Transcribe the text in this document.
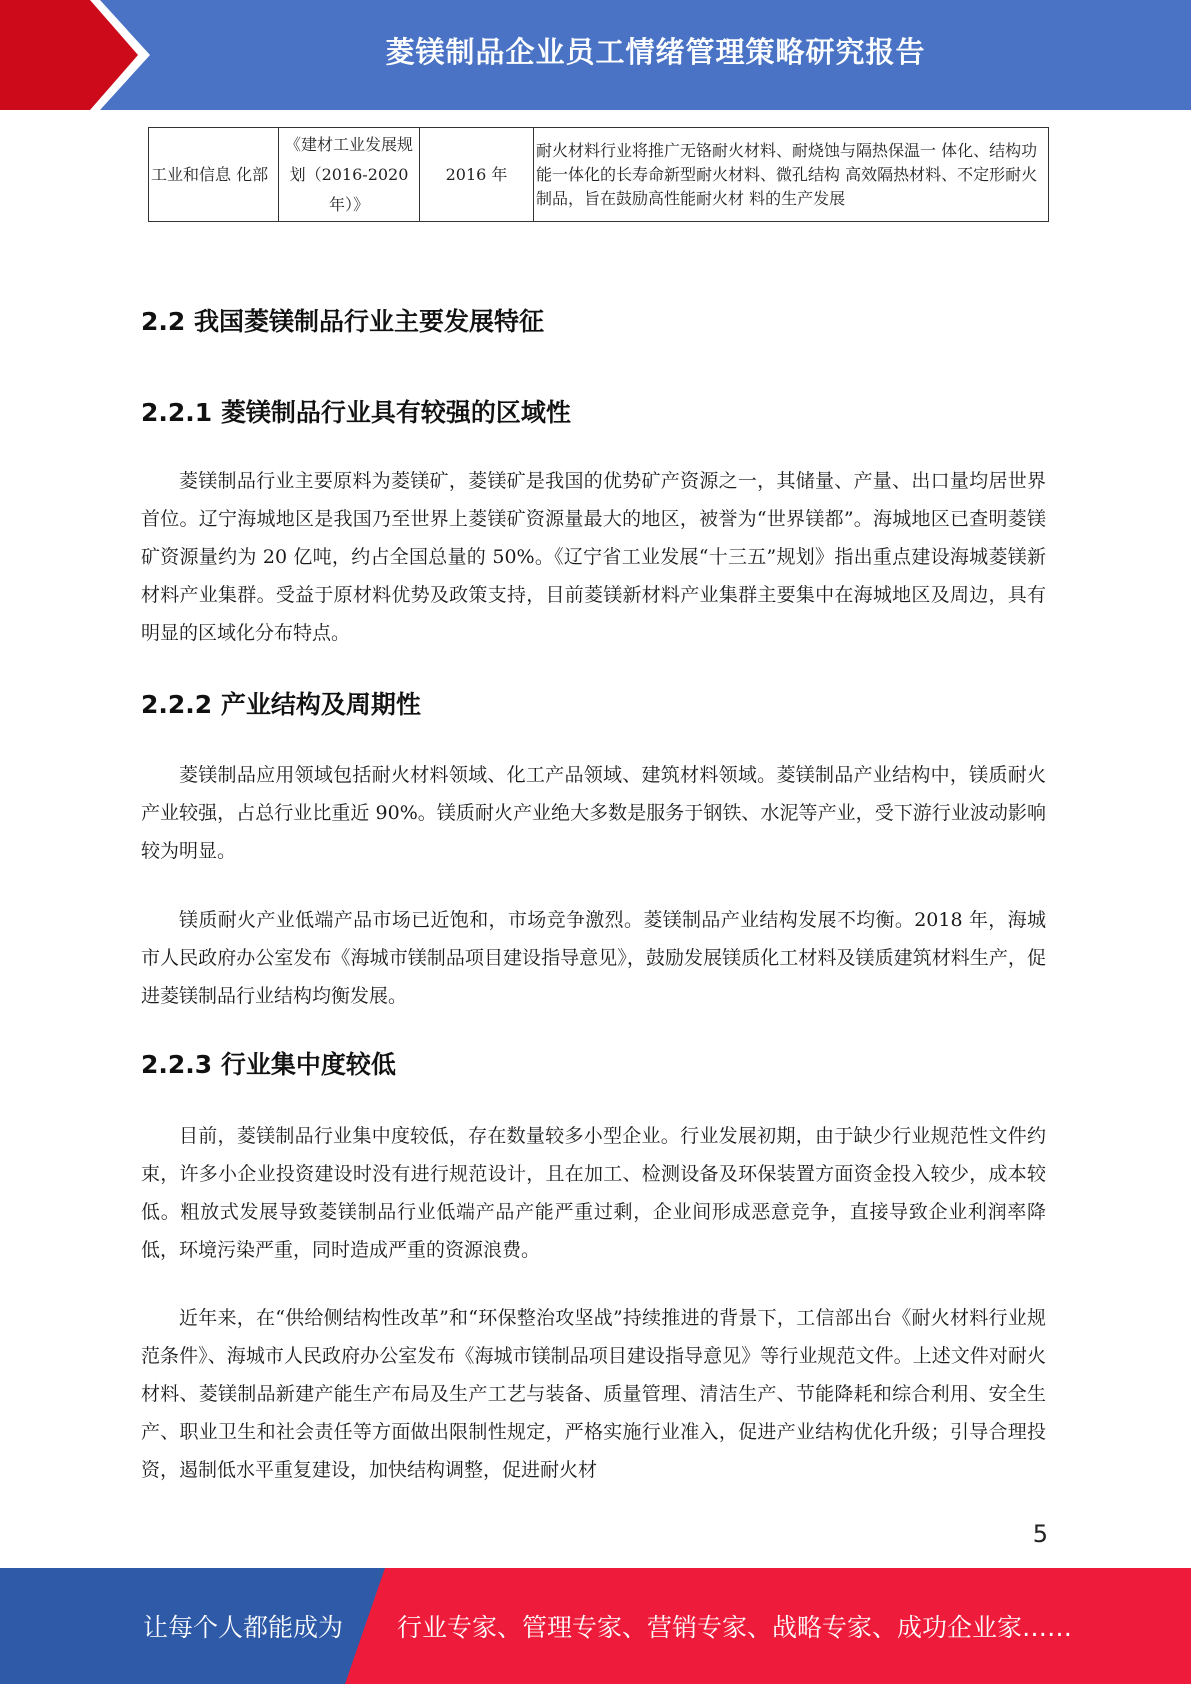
菱镁制品企业员工情绪管理策略研究报告
工业和信息 化部	《建材工业发展规划（2016-2020 年）》	2016 年	耐火材料行业将推广无铬耐火材料、耐烧蚀与隔热保温一 体化、结构功能一体化的长寿命新型耐火材料、微孔结构 高效隔热材料、不定形耐火制品，旨在鼓励高性能耐火材 料的生产发展
2.2 我国菱镁制品行业主要发展特征
2.2.1 菱镁制品行业具有较强的区域性

菱镁制品行业主要原料为菱镁矿，菱镁矿是我国的优势矿产资源之一，其储量、产量、出口量均居世界首位。辽宁海城地区是我国乃至世界上菱镁矿资源量最大的地区，被誉为“世界镁都”。海城地区已查明菱镁矿资源量约为 20 亿吨，约占全国总量的 50%。《辽宁省工业发展“十三五”规划》指出重点建设海城菱镁新材料产业集群。受益于原材料优势及政策支持，目前菱镁新材料产业集群主要集中在海城地区及周边，具有明显的区域化分布特点。

2.2.2 产业结构及周期性

菱镁制品应用领域包括耐火材料领域、化工产品领域、建筑材料领域。菱镁制品产业结构中，镁质耐火产业较强，占总行业比重近 90%。镁质耐火产业绝大多数是服务于钢铁、水泥等产业，受下游行业波动影响较为明显。

镁质耐火产业低端产品市场已近饱和，市场竞争激烈。菱镁制品产业结构发展不均衡。2018 年，海城市人民政府办公室发布《海城市镁制品项目建设指导意见》，鼓励发展镁质化工材料及镁质建筑材料生产，促进菱镁制品行业结构均衡发展。

2.2.3 行业集中度较低

目前，菱镁制品行业集中度较低，存在数量较多小型企业。行业发展初期，由于缺少行业规范性文件约束，许多小企业投资建设时没有进行规范设计，且在加工、检测设备及环保装置方面资金投入较少，成本较低。粗放式发展导致菱镁制品行业低端产品产能严重过剩，企业间形成恶意竞争，直接导致企业利润率降低，环境污染严重，同时造成严重的资源浪费。

近年来，在“供给侧结构性改革”和“环保整治攻坚战”持续推进的背景下，工信部出台《耐火材料行业规范条件》、海城市人民政府办公室发布《海城市镁制品项目建设指导意见》等行业规范文件。上述文件对耐火材料、菱镁制品新建产能生产布局及生产工艺与装备、质量管理、清洁生产、节能降耗和综合利用、安全生产、职业卫生和社会责任等方面做出限制性规定，严格实施行业准入，促进产业结构优化升级；引导合理投资，遏制低水平重复建设，加快结构调整，促进耐火材

5
让每个人都能成为 行业专家、管理专家、营销专家、战略专家、成功企业家……
